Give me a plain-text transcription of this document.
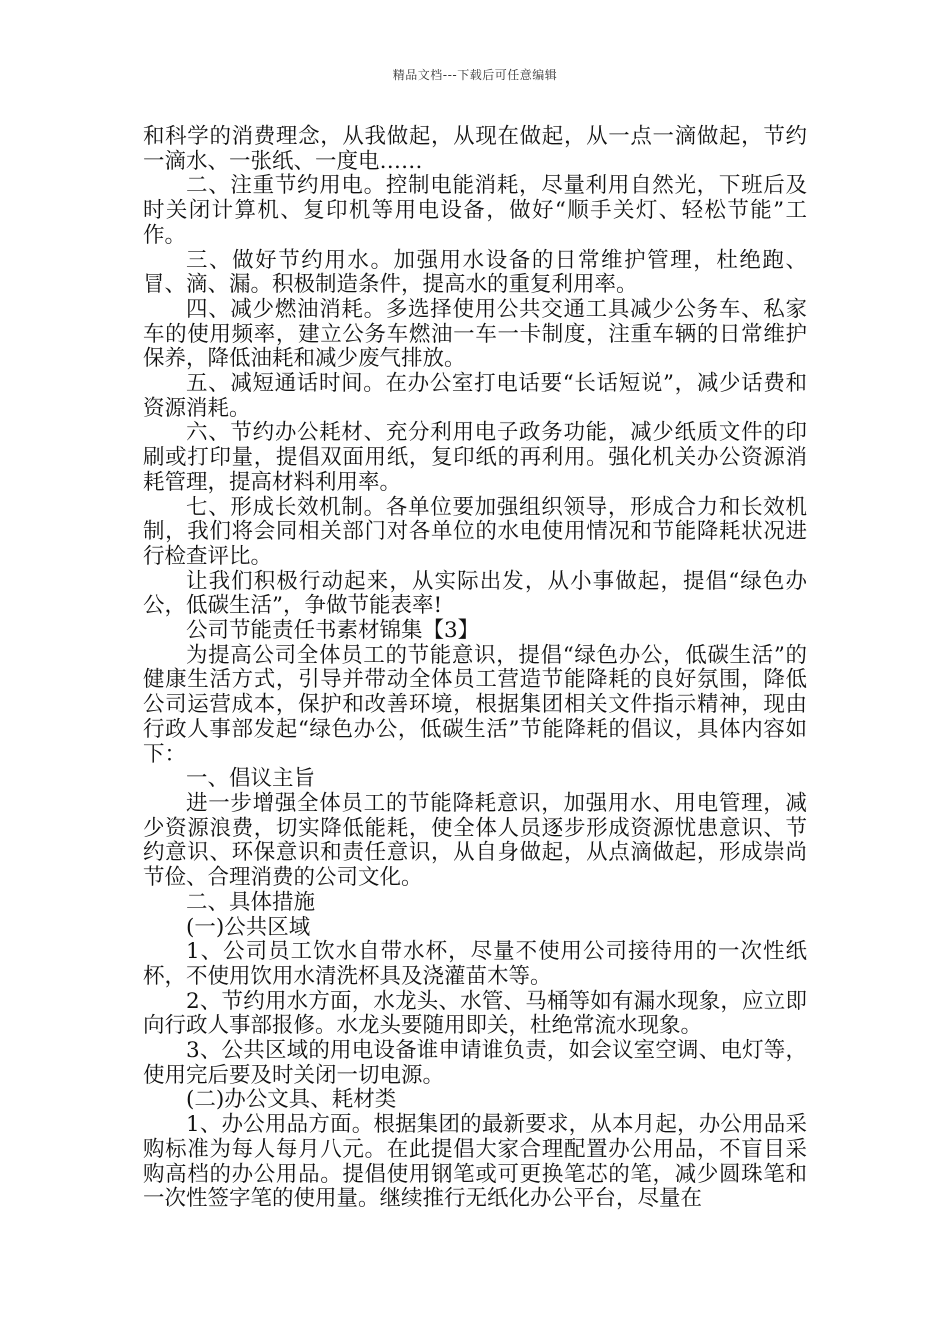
精品文档---下载后可任意编辑

和科学的消费理念，从我做起，从现在做起，从一点一滴做起，节约一滴水、一张纸、一度电……

二、注重节约用电。控制电能消耗，尽量利用自然光，下班后及时关闭计算机、复印机等用电设备，做好“顺手关灯、轻松节能”工作。

三、做好节约用水。加强用水设备的日常维护管理，杜绝跑、冒、滴、漏。积极制造条件，提高水的重复利用率。

四、减少燃油消耗。多选择使用公共交通工具减少公务车、私家车的使用频率，建立公务车燃油一车一卡制度，注重车辆的日常维护保养，降低油耗和减少废气排放。

五、减短通话时间。在办公室打电话要“长话短说”，减少话费和资源消耗。

六、节约办公耗材、充分利用电子政务功能，减少纸质文件的印刷或打印量，提倡双面用纸，复印纸的再利用。强化机关办公资源消耗管理，提高材料利用率。

七、形成长效机制。各单位要加强组织领导，形成合力和长效机制，我们将会同相关部门对各单位的水电使用情况和节能降耗状况进行检查评比。

让我们积极行动起来，从实际出发，从小事做起，提倡“绿色办公，低碳生活”，争做节能表率!

公司节能责任书素材锦集【3】

为提高公司全体员工的节能意识，提倡“绿色办公，低碳生活”的健康生活方式，引导并带动全体员工营造节能降耗的良好氛围，降低公司运营成本，保护和改善环境，根据集团相关文件指示精神，现由行政人事部发起“绿色办公，低碳生活”节能降耗的倡议，具体内容如下：

一、倡议主旨

进一步增强全体员工的节能降耗意识，加强用水、用电管理，减少资源浪费，切实降低能耗，使全体人员逐步形成资源忧患意识、节约意识、环保意识和责任意识，从自身做起，从点滴做起，形成崇尚节俭、合理消费的公司文化。

二、具体措施

(一)公共区域

1、公司员工饮水自带水杯，尽量不使用公司接待用的一次性纸杯，不使用饮用水清洗杯具及浇灌苗木等。

2、节约用水方面，水龙头、水管、马桶等如有漏水现象，应立即向行政人事部报修。水龙头要随用即关，杜绝常流水现象。

3、公共区域的用电设备谁申请谁负责，如会议室空调、电灯等，使用完后要及时关闭一切电源。

(二)办公文具、耗材类

1、办公用品方面。根据集团的最新要求，从本月起，办公用品采购标准为每人每月八元。在此提倡大家合理配置办公用品，不盲目采购高档的办公用品。提倡使用钢笔或可更换笔芯的笔，减少圆珠笔和一次性签字笔的使用量。继续推行无纸化办公平台，尽量在
